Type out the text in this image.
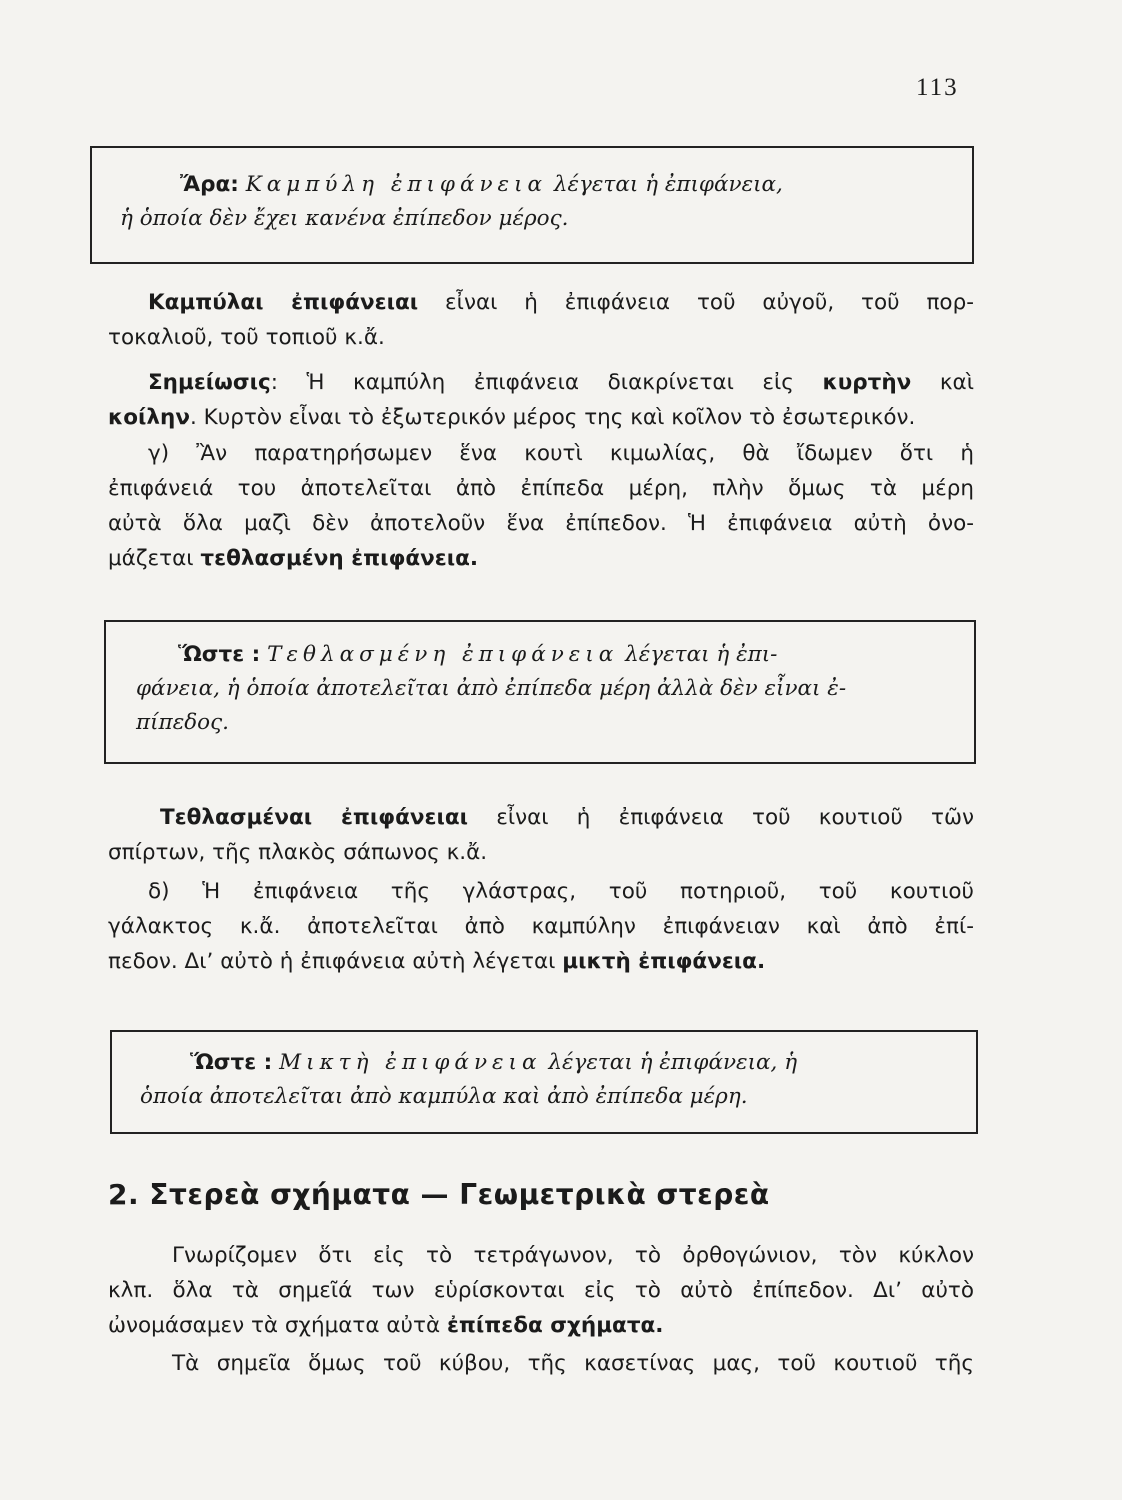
113
Ἄρα: Καμπύλη ἐπιφάνεια λέγεται ἡ ἐπιφάνεια,
ἡ ὁποία δὲν ἔχει κανένα ἐπίπεδον μέρος.
Καμπύλαι ἐπιφάνειαι εἶναι ἡ ἐπιφάνεια τοῦ αὐγοῦ, τοῦ πορ-
τοκαλιοῦ, τοῦ τοπιοῦ κ.ἄ.
Σημείωσις: Ἡ καμπύλη ἐπιφάνεια διακρίνεται εἰς κυρτὴν καὶ
κοίλην. Κυρτὸν εἶναι τὸ ἐξωτερικόν μέρος της καὶ κοῖλον τὸ ἐσωτερικόν.
γ) Ἂν παρατηρήσωμεν ἕνα κουτὶ κιμωλίας, θὰ ἴδωμεν ὅτι ἡ
ἐπιφάνειά του ἀποτελεῖται ἀπὸ ἐπίπεδα μέρη, πλὴν ὅμως τὰ μέρη
αὐτὰ ὅλα μαζὶ δὲν ἀποτελοῦν ἕνα ἐπίπεδον. Ἡ ἐπιφάνεια αὐτὴ ὀνο-
μάζεται τεθλασμένη ἐπιφάνεια.
Ὥστε : Τεθλασμένη ἐπιφάνεια λέγεται ἡ ἐπι-
φάνεια, ἡ ὁποία ἀποτελεῖται ἀπὸ ἐπίπεδα μέρη ἀλλὰ δὲν εἶναι ἐ-
πίπεδος.
Τεθλασμέναι ἐπιφάνειαι εἶναι ἡ ἐπιφάνεια τοῦ κουτιοῦ τῶν
σπίρτων, τῆς πλακὸς σάπωνος κ.ἄ.
δ) Ἡ ἐπιφάνεια τῆς γλάστρας, τοῦ ποτηριοῦ, τοῦ κουτιοῦ
γάλακτος κ.ἄ. ἀποτελεῖται ἀπὸ καμπύλην ἐπιφάνειαν καὶ ἀπὸ ἐπί-
πεδον. Διʼ αὐτὸ ἡ ἐπιφάνεια αὐτὴ λέγεται μικτὴ ἐπιφάνεια.
Ὥστε : Μικτὴ ἐπιφάνεια λέγεται ἡ ἐπιφάνεια, ἡ
ὁποία ἀποτελεῖται ἀπὸ καμπύλα καὶ ἀπὸ ἐπίπεδα μέρη.
2. Στερεὰ σχήματα — Γεωμετρικὰ στερεὰ
Γνωρίζομεν ὅτι εἰς τὸ τετράγωνον, τὸ ὀρθογώνιον, τὸν κύκλον
κλπ. ὅλα τὰ σημεῖά των εὑρίσκονται εἰς τὸ αὐτὸ ἐπίπεδον. Διʼ αὐτὸ
ὠνομάσαμεν τὰ σχήματα αὐτὰ ἐπίπεδα σχήματα.
Τὰ σημεῖα ὅμως τοῦ κύβου, τῆς κασετίνας μας, τοῦ κουτιοῦ τῆς
